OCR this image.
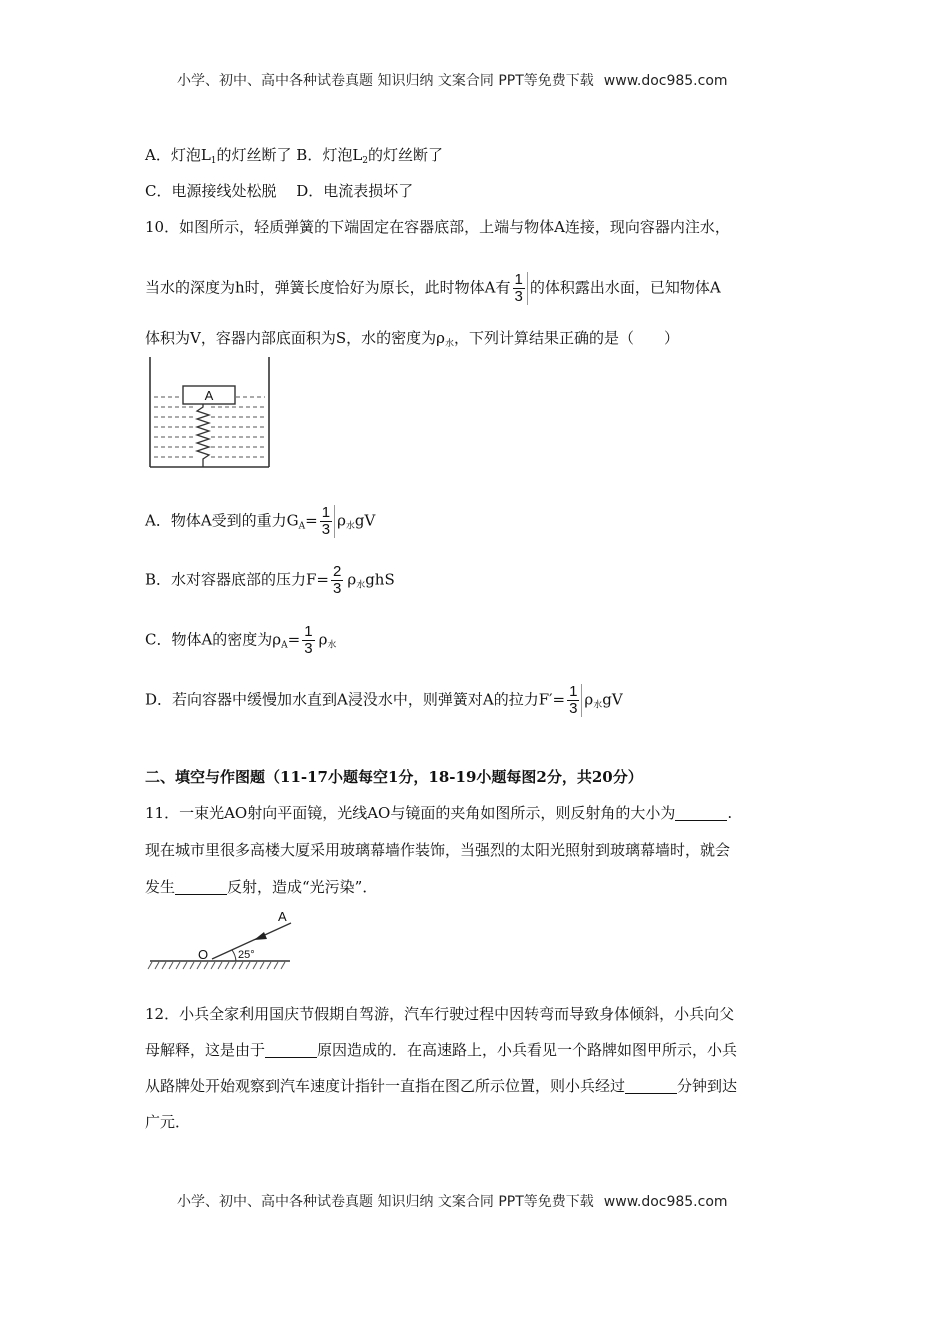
小学、初中、高中各种试卷真题 知识归纳 文案合同 PPT等免费下载 www.doc985.com
A．灯泡$L_1$的灯丝断了 B．灯泡$L_2$的灯丝断了
C．电源接线处松脱　 D．电流表损坏了
10．如图所示，轻质弹簧的下端固定在容器底部，上端与物体A连接，现向容器内注水，
当水的深度为h时，弹簧长度恰好为原长，此时物体A有 $\frac{1}{3}$ 的体积露出水面，已知物体A
体积为V，容器内部底面积为S，水的密度为$\rho_水$，下列计算结果正确的是（　　）
A
A．物体A受到的重力$G_A= \frac{1}{3} \rho_水gV$
B．水对容器底部的压力$F= \frac{2}{3} \rho_水ghS$
C．物体A的密度为$\rho_A= \frac{1}{3} \rho_水$
D．若向容器中缓慢加水直到A浸没水中，则弹簧对A的拉力$F'= \frac{1}{3} \rho_水gV$
二、填空与作图题（11-17小题每空1分，18-19小题每图2分，共20分）
11．一束光AO射向平面镜，光线AO与镜面的夹角如图所示，则反射角的大小为	.
现在城市里很多高楼大厦采用玻璃幕墙作装饰，当强烈的太阳光照射到玻璃幕墙时，就会
发生	反射，造成“光污染”．
A
O	25°
12．小兵全家利用国庆节假期自驾游，汽车行驶过程中因转弯而导致身体倾斜，小兵向父
母解释，这是由于	原因造成的．在高速路上，小兵看见一个路牌如图甲所示，小兵
从路牌处开始观察到汽车速度计指针一直指在图乙所示位置，则小兵经过	分钟到达
广元．
小学、初中、高中各种试卷真题 知识归纳 文案合同 PPT等免费下载 www.doc985.com
